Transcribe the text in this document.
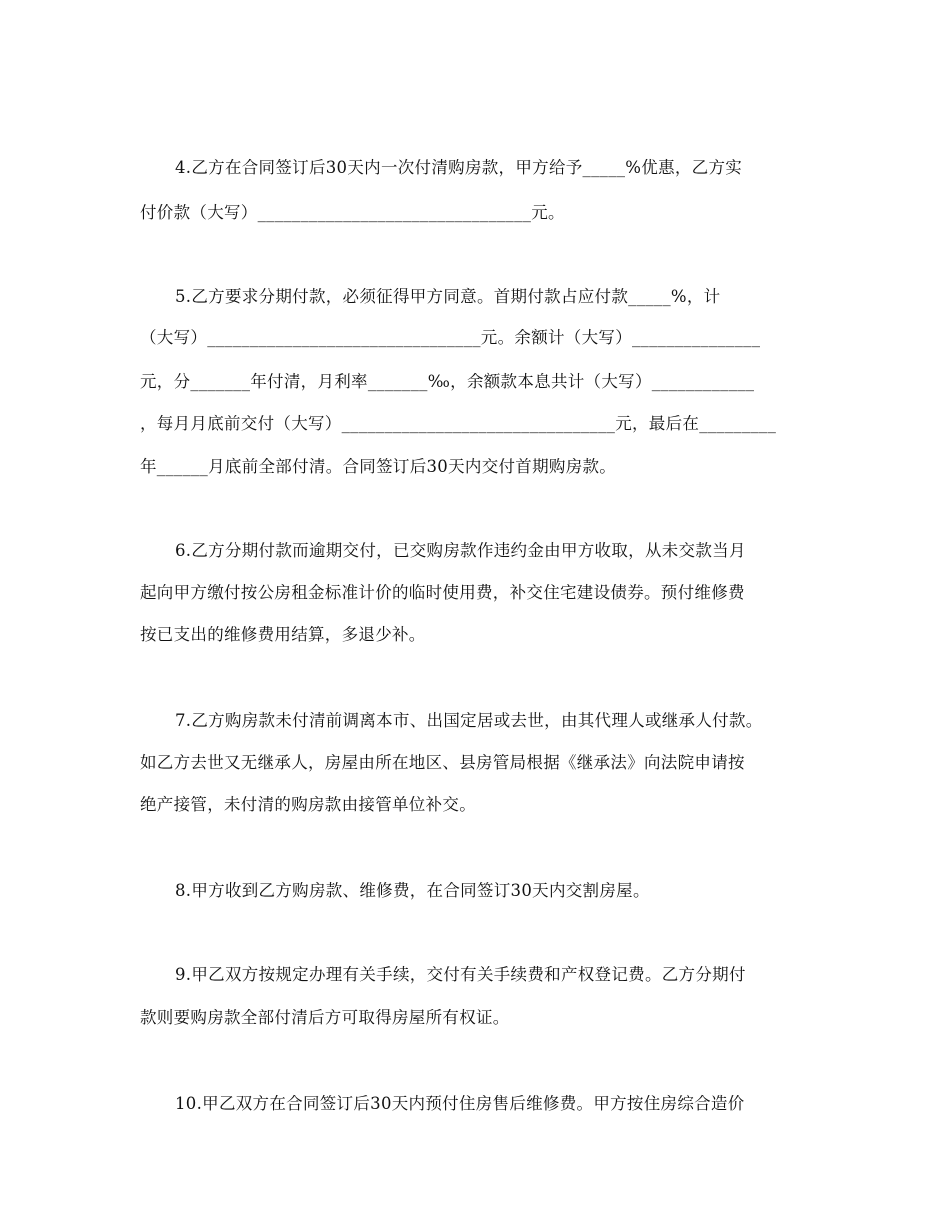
4.乙方在合同签订后30天内一次付清购房款，甲方给予_____%优惠，乙方实
付价款（大写）________________________________元。
5.乙方要求分期付款，必须征得甲方同意。首期付款占应付款_____%，计
（大写）________________________________元。余额计（大写）_______________
元，分_______年付清，月利率_______‰，余额款本息共计（大写）____________
，每月月底前交付（大写）________________________________元，最后在_________
年______月底前全部付清。合同签订后30天内交付首期购房款。
6.乙方分期付款而逾期交付，已交购房款作违约金由甲方收取，从未交款当月
起向甲方缴付按公房租金标准计价的临时使用费，补交住宅建设债券。预付维修费
按已支出的维修费用结算，多退少补。
7.乙方购房款未付清前调离本市、出国定居或去世，由其代理人或继承人付款。
如乙方去世又无继承人，房屋由所在地区、县房管局根据《继承法》向法院申请按
绝产接管，未付清的购房款由接管单位补交。
8.甲方收到乙方购房款、维修费，在合同签订30天内交割房屋。
9.甲乙双方按规定办理有关手续，交付有关手续费和产权登记费。乙方分期付
款则要购房款全部付清后方可取得房屋所有权证。
10.甲乙双方在合同签订后30天内预付住房售后维修费。甲方按住房综合造价
